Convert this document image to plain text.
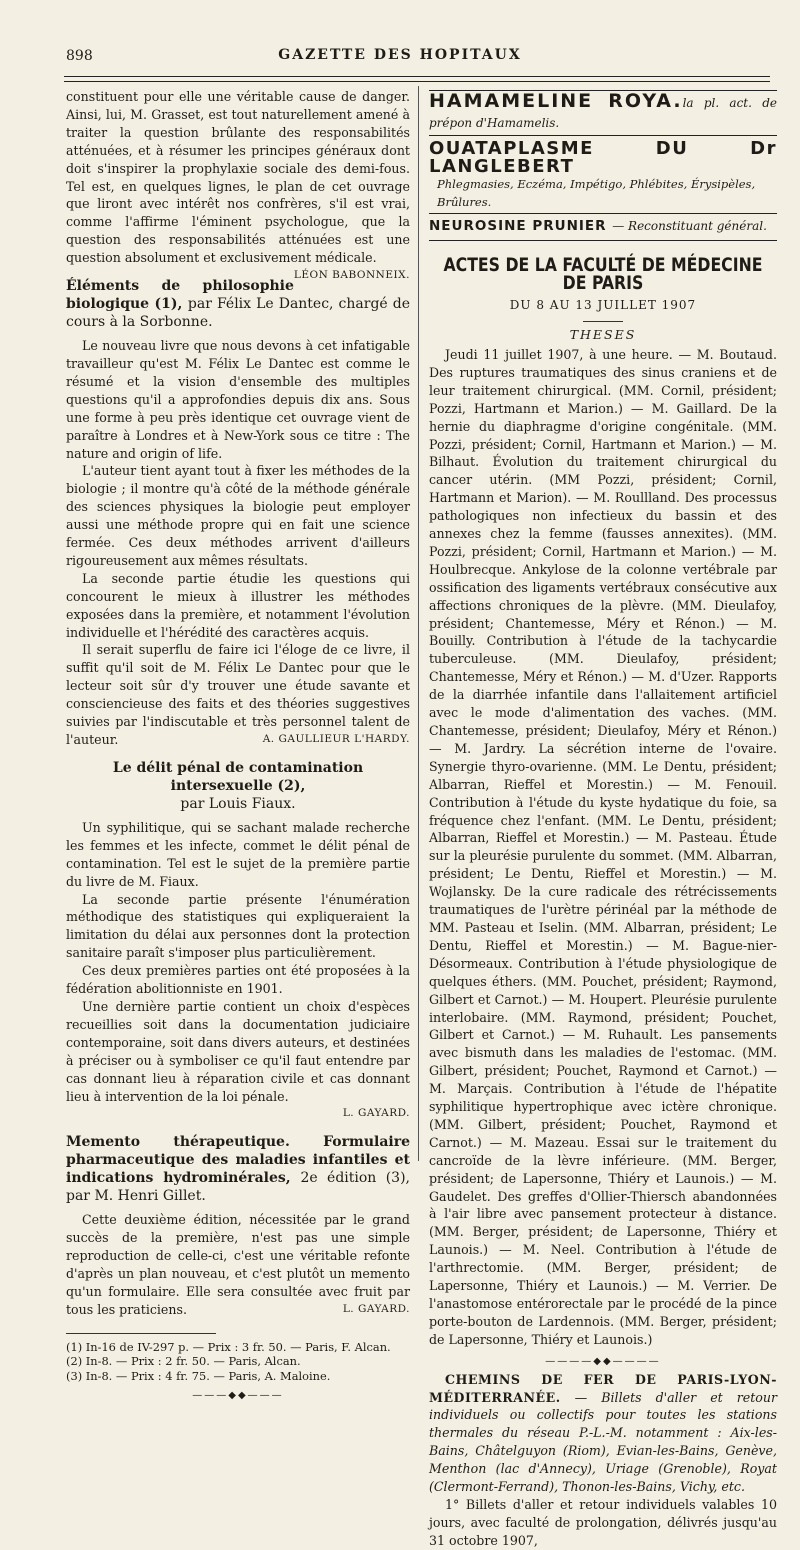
898	GAZETTE DES HOPITAUX

constituent pour elle une véritable cause de danger. Ainsi, lui, M. Grasset, est tout naturellement amené à traiter la question brûlante des responsabilités atténuées, et à résumer les principes généraux dont doit s'inspirer la prophylaxie sociale des demi-fous. Tel est, en quelques lignes, le plan de cet ouvrage que liront avec intérêt nos confrères, s'il est vrai, comme l'affirme l'éminent psychologue, que la question des responsabilités atténuées est une question absolument et exclusivement médicale.
LÉON BABONNEIX.

Éléments de philosophie biologique (1), par Félix Le Dantec, chargé de cours à la Sorbonne.

Le nouveau livre que nous devons à cet infatigable travailleur qu'est M. Félix Le Dantec est comme le résumé et la vision d'ensemble des multiples questions qu'il a approfondies depuis dix ans. Sous une forme à peu près identique cet ouvrage vient de paraître à Londres et à New-York sous ce titre : The nature and origin of life.

L'auteur tient ayant tout à fixer les méthodes de la biologie ; il montre qu'à côté de la méthode générale des sciences physiques la biologie peut employer aussi une méthode propre qui en fait une science fermée. Ces deux méthodes arrivent d'ailleurs rigoureusement aux mêmes résultats.

La seconde partie étudie les questions qui concourent le mieux à illustrer les méthodes exposées dans la première, et notamment l'évolution individuelle et l'hérédité des caractères acquis.

Il serait superflu de faire ici l'éloge de ce livre, il suffit qu'il soit de M. Félix Le Dantec pour que le lecteur soit sûr d'y trouver une étude savante et consciencieuse des faits et des théories suggestives suivies par l'indiscutable et très personnel talent de l'auteur.	A. GAULLIEUR L'HARDY.

Le délit pénal de contamination intersexuelle (2),
par Louis Fiaux.

Un syphilitique, qui se sachant malade recherche les femmes et les infecte, commet le délit pénal de contamination. Tel est le sujet de la première partie du livre de M. Fiaux.

La seconde partie présente l'énumération méthodique des statistiques qui expliqueraient la limitation du délai aux personnes dont la protection sanitaire paraît s'imposer plus particulièrement.

Ces deux premières parties ont été proposées à la fédération abolitionniste en 1901.

Une dernière partie contient un choix d'espèces recueillies soit dans la documentation judiciaire contemporaine, soit dans divers auteurs, et destinées à préciser ou à symboliser ce qu'il faut entendre par cas donnant lieu à réparation civile et cas donnant lieu à intervention de la loi pénale.

L. GAYARD.
Memento thérapeutique. Formulaire pharmaceutique des maladies infantiles et indications hydrominérales, 2e édition (3), par M. Henri Gillet.

Cette deuxième édition, nécessitée par le grand succès de la première, n'est pas une simple reproduction de celle-ci, c'est une véritable refonte d'après un plan nouveau, et c'est plutôt un memento qu'un formulaire. Elle sera consultée avec fruit par tous les praticiens.	L. GAYARD.

(1) In-16 de IV-297 p. — Prix : 3 fr. 50. — Paris, F. Alcan.
(2) In-8. — Prix : 2 fr. 50. — Paris, Alcan.
(3) In-8. — Prix : 4 fr. 75. — Paris, A. Maloine.
———◆◆———
HAMAMELINE ROYA.la pl. act. de prépon d'Hamamelis.
OUATAPLASME DU Dr LANGLEBERT
Phlegmasies, Eczéma, Impétigo, Phlébites, Érysipèles, Brûlures.
NEUROSINE PRUNIER — Reconstituant général.
ACTES DE LA FACULTÉ DE MÉDECINE DE PARIS
DU 8 AU 13 JUILLET 1907
THESES

Jeudi 11 juillet 1907, à une heure. — M. Boutaud. Des ruptures traumatiques des sinus craniens et de leur traitement chirurgical. (MM. Cornil, président; Pozzi, Hartmann et Marion.) — M. Gaillard. De la hernie du diaphragme d'origine congénitale. (MM. Pozzi, président; Cornil, Hartmann et Marion.) — M. Bilhaut. Évolution du traitement chirurgical du cancer utérin. (MM Pozzi, président; Cornil, Hartmann et Marion). — M. Roullland. Des processus pathologiques non infectieux du bassin et des annexes chez la femme (fausses annexites). (MM. Pozzi, président; Cornil, Hartmann et Marion.) — M. Houlbrecque. Ankylose de la colonne vertébrale par ossification des ligaments vertébraux consécutive aux affections chroniques de la plèvre. (MM. Dieulafoy, président; Chantemesse, Méry et Rénon.) — M. Bouilly. Contribution à l'étude de la tachycardie tuberculeuse. (MM. Dieulafoy, président; Chantemesse, Méry et Rénon.) — M. d'Uzer. Rapports de la diarrhée infantile dans l'allaitement artificiel avec le mode d'alimentation des vaches. (MM. Chantemesse, président; Dieulafoy, Méry et Rénon.) — M. Jardry. La sécrétion interne de l'ovaire. Synergie thyro-ovarienne. (MM. Le Dentu, président; Albarran, Rieffel et Morestin.) — M. Fenouil. Contribution à l'étude du kyste hydatique du foie, sa fréquence chez l'enfant. (MM. Le Dentu, président; Albarran, Rieffel et Morestin.) — M. Pasteau. Étude sur la pleurésie purulente du sommet. (MM. Albarran, président; Le Dentu, Rieffel et Morestin.) — M. Wojlansky. De la cure radicale des rétrécissements traumatiques de l'urètre périnéal par la méthode de MM. Pasteau et Iselin. (MM. Albarran, président; Le Dentu, Rieffel et Morestin.) — M. Bague-nier-Désormeaux. Contribution à l'étude physiologique de quelques éthers. (MM. Pouchet, président; Raymond, Gilbert et Carnot.) — M. Houpert. Pleurésie purulente interlobaire. (MM. Raymond, président; Pouchet, Gilbert et Carnot.) — M. Ruhault. Les pansements avec bismuth dans les maladies de l'estomac. (MM. Gilbert, président; Pouchet, Raymond et Carnot.) — M. Marçais. Contribution à l'étude de l'hépatite syphilitique hypertrophique avec ictère chronique. (MM. Gilbert, président; Pouchet, Raymond et Carnot.) — M. Mazeau. Essai sur le traitement du cancroïde de la lèvre inférieure. (MM. Berger, président; de Lapersonne, Thiéry et Launois.) — M. Gaudelet. Des greffes d'Ollier-Thiersch abandonnées à l'air libre avec pansement protecteur à distance. (MM. Berger, président; de Lapersonne, Thiéry et Launois.) — M. Neel. Contribution à l'étude de l'arthrectomie. (MM. Berger, président; de Lapersonne, Thiéry et Launois.) — M. Verrier. De l'anastomose entérorectale par le procédé de la pince porte-bouton de Lardennois. (MM. Berger, président; de Lapersonne, Thiéry et Launois.)

————◆◆————

CHEMINS DE FER DE PARIS-LYON-MÉDITERRANÉE. — Billets d'aller et retour individuels ou collectifs pour toutes les stations thermales du réseau P.-L.-M. notamment : Aix-les-Bains, Châtelguyon (Riom), Evian-les-Bains, Genève, Menthon (lac d'Annecy), Uriage (Grenoble), Royat (Clermont-Ferrand), Thonon-les-Bains, Vichy, etc.

1° Billets d'aller et retour individuels valables 10 jours, avec faculté de prolongation, délivrés jusqu'au 31 octobre 1907,
